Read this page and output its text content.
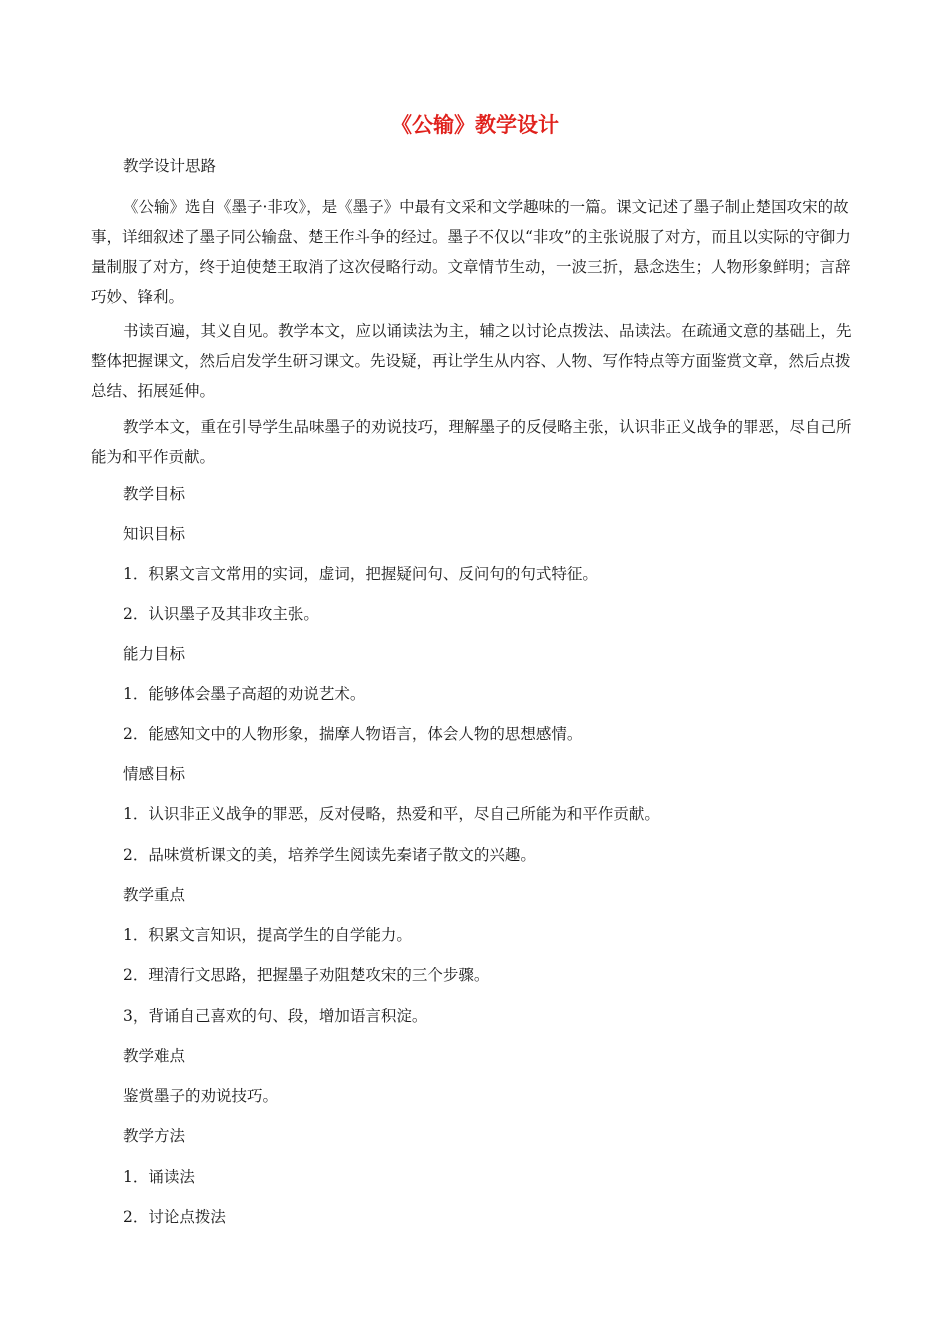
《公输》教学设计
教学设计思路
《公输》选自《墨子·非攻》，是《墨子》中最有文采和文学趣味的一篇。课文记述了墨子制止楚国攻宋的故事，详细叙述了墨子同公输盘、楚王作斗争的经过。墨子不仅以“非攻”的主张说服了对方，而且以实际的守御力量制服了对方，终于迫使楚王取消了这次侵略行动。文章情节生动，一波三折，悬念迭生；人物形象鲜明；言辞巧妙、锋利。
书读百遍，其义自见。教学本文，应以诵读法为主，辅之以讨论点拨法、品读法。在疏通文意的基础上，先整体把握课文，然后启发学生研习课文。先设疑，再让学生从内容、人物、写作特点等方面鉴赏文章，然后点拨总结、拓展延伸。
教学本文，重在引导学生品味墨子的劝说技巧，理解墨子的反侵略主张，认识非正义战争的罪恶，尽自己所能为和平作贡献。
教学目标
知识目标
1．积累文言文常用的实词，虚词，把握疑问句、反问句的句式特征。
2．认识墨子及其非攻主张。
能力目标
1．能够体会墨子高超的劝说艺术。
2．能感知文中的人物形象，揣摩人物语言，体会人物的思想感情。
情感目标
1．认识非正义战争的罪恶，反对侵略，热爱和平，尽自己所能为和平作贡献。
2．品味赏析课文的美，培养学生阅读先秦诸子散文的兴趣。
教学重点
1．积累文言知识，提高学生的自学能力。
2．理清行文思路，把握墨子劝阻楚攻宋的三个步骤。
3，背诵自己喜欢的句、段，增加语言积淀。
教学难点
鉴赏墨子的劝说技巧。
教学方法
1．诵读法
2．讨论点拨法
